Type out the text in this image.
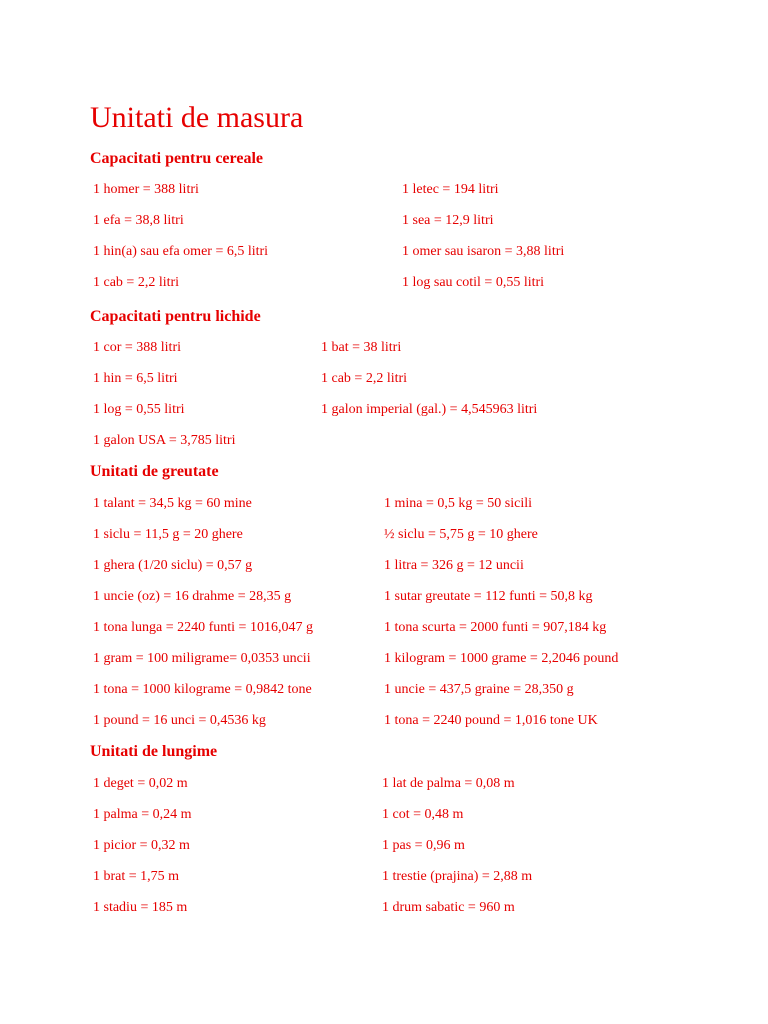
Unitati de masura
Capacitati pentru cereale
1 homer = 388 litri	1 letec = 194 litri
1 efa = 38,8 litri	1 sea = 12,9 litri
1 hin(a) sau efa omer = 6,5 litri	1 omer sau isaron = 3,88 litri
1 cab = 2,2 litri	1 log sau cotil = 0,55 litri
Capacitati pentru lichide
1 cor = 388 litri	1 bat = 38 litri
1 hin = 6,5 litri	1 cab = 2,2 litri
1 log = 0,55 litri	1 galon imperial (gal.) = 4,545963 litri
1 galon USA = 3,785 litri
Unitati de greutate
1 talant = 34,5 kg = 60 mine	1 mina = 0,5 kg = 50 sicili
1 siclu = 11,5 g = 20 ghere	½ siclu = 5,75 g = 10 ghere
1 ghera (1/20 siclu) = 0,57 g	1 litra = 326 g = 12 uncii
1 uncie (oz) = 16 drahme = 28,35 g	1 sutar greutate = 112 funti = 50,8 kg
1 tona lunga = 2240 funti = 1016,047 g	1 tona scurta = 2000 funti = 907,184 kg
1 gram = 100 miligrame= 0,0353 uncii	1 kilogram = 1000 grame = 2,2046 pound
1 tona = 1000 kilograme = 0,9842 tone	1 uncie = 437,5 graine = 28,350 g
1 pound = 16 unci = 0,4536 kg	1 tona = 2240 pound = 1,016 tone UK
Unitati de lungime
1 deget = 0,02 m	1 lat de palma = 0,08 m
1 palma = 0,24 m	1 cot = 0,48 m
1 picior = 0,32 m	1 pas = 0,96 m
1 brat = 1,75 m	1 trestie (prajina) = 2,88 m
1 stadiu = 185 m	1 drum sabatic = 960 m
